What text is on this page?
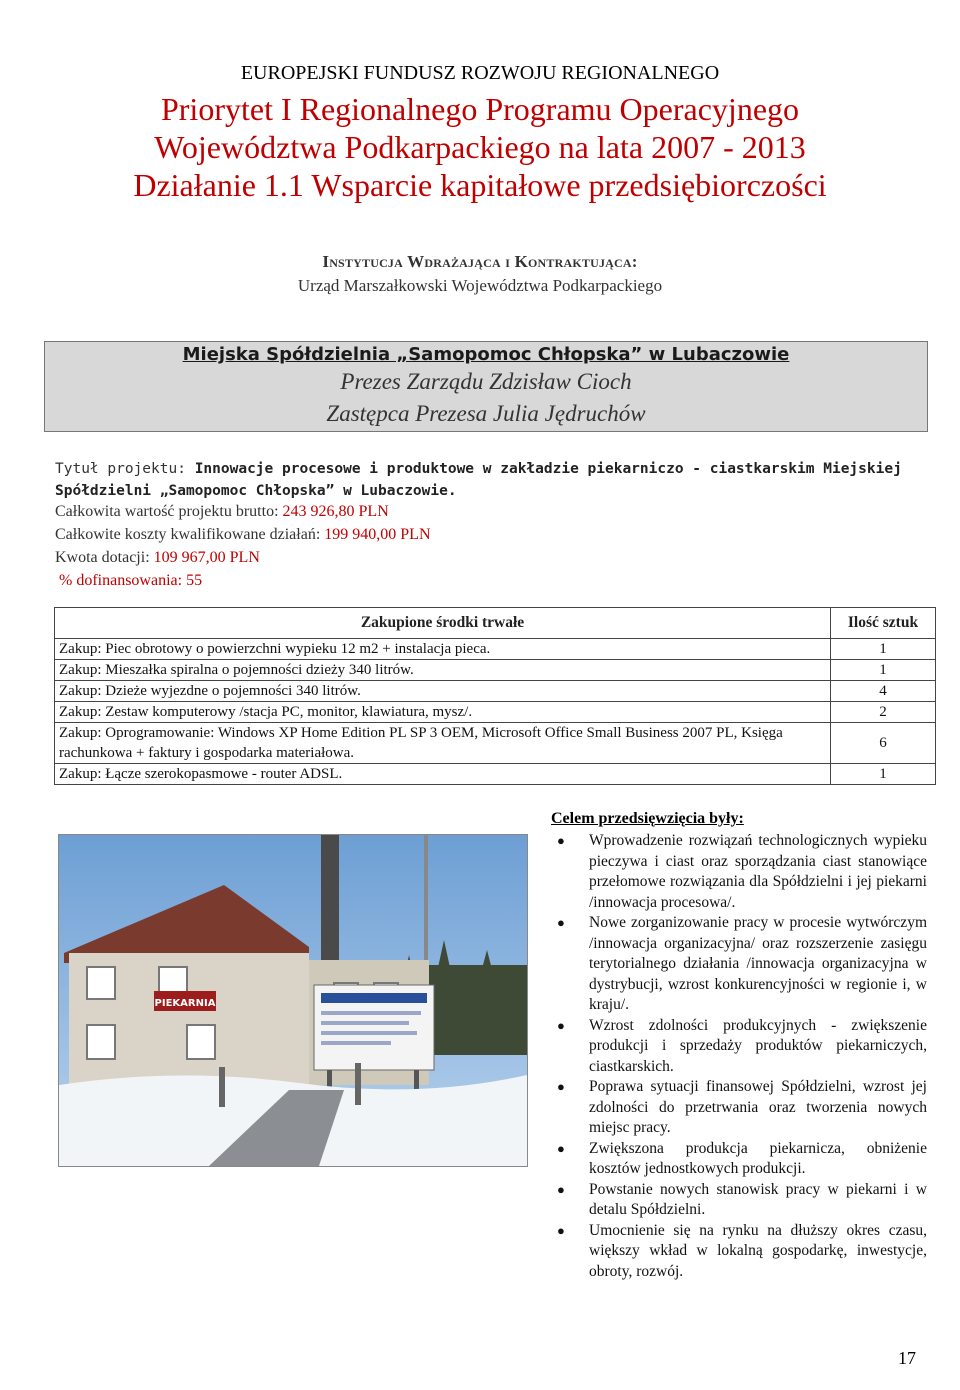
EUROPEJSKI FUNDUSZ ROZWOJU REGIONALNEGO
Priorytet I Regionalnego Programu Operacyjnego
Województwa Podkarpackiego na lata 2007 - 2013
Działanie 1.1 Wsparcie kapitałowe przedsiębiorczości
Instytucja Wdrażająca i Kontraktująca:
Urząd Marszałkowski Województwa Podkarpackiego
Miejska Spółdzielnia „Samopomoc Chłopska” w Lubaczowie
Prezes Zarządu Zdzisław Cioch
Zastępca Prezesa Julia Jędruchów
Tytuł projektu: Innowacje procesowe i produktowe w zakładzie piekarniczo - ciastkarskim Miejskiej Spółdzielni „Samopomoc Chłopska” w Lubaczowie.
Całkowita wartość projektu brutto: 243 926,80 PLN
Całkowite koszty kwalifikowane działań: 199 940,00 PLN
Kwota dotacji: 109 967,00 PLN
% dofinansowania: 55
Zakupione środki trwałe	Ilość sztuk
Zakup: Piec obrotowy o powierzchni wypieku 12 m2 + instalacja pieca.	1
Zakup: Mieszałka spiralna o pojemności dzieży 340 litrów.	1
Zakup: Dzieże wyjezdne o pojemności 340 litrów.	4
Zakup: Zestaw komputerowy /stacja PC, monitor, klawiatura, mysz/.	2
Zakup: Oprogramowanie: Windows XP Home Edition PL SP 3 OEM, Microsoft Office Small Business 2007 PL, Księga rachunkowa + faktury i gospodarka materiałowa.	6
Zakup: Łącze szerokopasmowe - router ADSL.	1
PIEKARNIA
Celem przedsięwzięcia były:
● Wprowadzenie rozwiązań technologicznych wypieku pieczywa i ciast oraz sporządzania ciast stanowiące przełomowe rozwiązania dla Spółdzielni i jej piekarni /innowacja procesowa/.
● Nowe zorganizowanie pracy w procesie wytwórczym /innowacja organizacyjna/ oraz rozszerzenie zasięgu terytorialnego działania /innowacja organizacyjna w dystrybucji, wzrost konkurencyjności w regionie i, w kraju/.
● Wzrost zdolności produkcyjnych - zwiększenie produkcji i sprzedaży produktów piekarniczych, ciastkarskich.
● Poprawa sytuacji finansowej Spółdzielni, wzrost jej zdolności do przetrwania oraz tworzenia nowych miejsc pracy.
● Zwiększona produkcja piekarnicza, obniżenie kosztów jednostkowych produkcji.
● Powstanie nowych stanowisk pracy w piekarni i w detalu Spółdzielni.
● Umocnienie się na rynku na dłuższy okres czasu, większy wkład w lokalną gospodarkę, inwestycje, obroty, rozwój.
17
